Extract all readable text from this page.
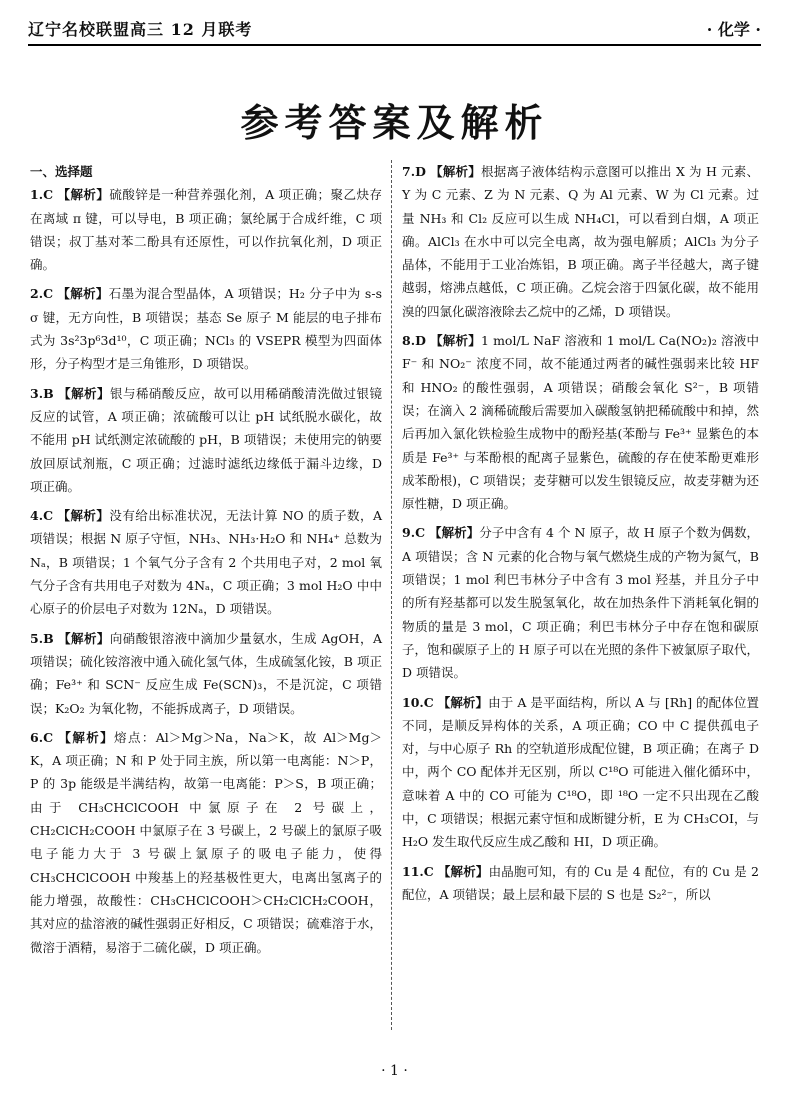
辽宁名校联盟高三 12 月联考	· 化学 ·
参考答案及解析
一、选择题
1.C 【解析】硫酸锌是一种营养强化剂，A 项正确；聚乙炔存在离域 π 键，可以导电，B 项正确；氯纶属于合成纤维，C 项错误；叔丁基对苯二酚具有还原性，可以作抗氧化剂，D 项正确。
2.C 【解析】石墨为混合型晶体，A 项错误；H₂ 分子中为 s-s σ 键，无方向性，B 项错误；基态 Se 原子 M 能层的电子排布式为 3s²3p⁶3d¹⁰，C 项正确；NCl₃ 的 VSEPR 模型为四面体形，分子构型才是三角锥形，D 项错误。
3.B 【解析】银与稀硝酸反应，故可以用稀硝酸清洗做过银镜反应的试管，A 项正确；浓硫酸可以让 pH 试纸脱水碳化，故不能用 pH 试纸测定浓硫酸的 pH，B 项错误；未使用完的钠要放回原试剂瓶，C 项正确；过滤时滤纸边缘低于漏斗边缘，D 项正确。
4.C 【解析】没有给出标准状况，无法计算 NO 的质子数，A 项错误；根据 N 原子守恒，NH₃、NH₃·H₂O 和 NH₄⁺ 总数为 Nₐ，B 项错误；1 个氧气分子含有 2 个共用电子对，2 mol 氧气分子含有共用电子对数为 4Nₐ，C 项正确；3 mol H₂O 中中心原子的价层电子对数为 12Nₐ，D 项错误。
5.B 【解析】向硝酸银溶液中滴加少量氨水，生成 AgOH，A 项错误；硫化铵溶液中通入硫化氢气体，生成硫氢化铵，B 项正确；Fe³⁺ 和 SCN⁻ 反应生成 Fe(SCN)₃，不是沉淀，C 项错误；K₂O₂ 为氧化物，不能拆成离子，D 项错误。
6.C 【解析】熔点：Al＞Mg＞Na，Na＞K，故 Al＞Mg＞K，A 项正确；N 和 P 处于同主族，所以第一电离能：N＞P，P 的 3p 能级是半满结构，故第一电离能：P＞S，B 项正确；由于 CH₃CHClCOOH 中氯原子在 2 号碳上，CH₂ClCH₂COOH 中氯原子在 3 号碳上，2 号碳上的氯原子吸电子能力大于 3 号碳上氯原子的吸电子能力，使得 CH₃CHClCOOH 中羧基上的羟基极性更大，电离出氢离子的能力增强，故酸性：CH₃CHClCOOH＞CH₂ClCH₂COOH，其对应的盐溶液的碱性强弱正好相反，C 项错误；硫难溶于水，微溶于酒精，易溶于二硫化碳，D 项正确。
7.D 【解析】根据离子液体结构示意图可以推出 X 为 H 元素、Y 为 C 元素、Z 为 N 元素、Q 为 Al 元素、W 为 Cl 元素。过量 NH₃ 和 Cl₂ 反应可以生成 NH₄Cl，可以看到白烟，A 项正确。AlCl₃ 在水中可以完全电离，故为强电解质；AlCl₃ 为分子晶体，不能用于工业冶炼铝，B 项正确。离子半径越大，离子键越弱，熔沸点越低，C 项正确。乙烷会溶于四氯化碳，故不能用溴的四氯化碳溶液除去乙烷中的乙烯，D 项错误。
8.D 【解析】1 mol/L NaF 溶液和 1 mol/L Ca(NO₂)₂ 溶液中 F⁻ 和 NO₂⁻ 浓度不同，故不能通过两者的碱性强弱来比较 HF 和 HNO₂ 的酸性强弱，A 项错误；硝酸会氧化 S²⁻，B 项错误；在滴入 2 滴稀硫酸后需要加入碳酸氢钠把稀硫酸中和掉，然后再加入氯化铁检验生成物中的酚羟基(苯酚与 Fe³⁺ 显紫色的本质是 Fe³⁺ 与苯酚根的配离子显紫色，硫酸的存在使苯酚更难形成苯酚根)，C 项错误；麦芽糖可以发生银镜反应，故麦芽糖为还原性糖，D 项正确。
9.C 【解析】分子中含有 4 个 N 原子，故 H 原子个数为偶数，A 项错误；含 N 元素的化合物与氧气燃烧生成的产物为氮气，B 项错误；1 mol 利巴韦林分子中含有 3 mol 羟基，并且分子中的所有羟基都可以发生脱氢氧化，故在加热条件下消耗氧化铜的物质的量是 3 mol，C 项正确；利巴韦林分子中存在饱和碳原子，饱和碳原子上的 H 原子可以在光照的条件下被氯原子取代，D 项错误。
10.C 【解析】由于 A 是平面结构，所以 A 与 [Rh] 的配体位置不同，是顺反异构体的关系，A 项正确；CO 中 C 提供孤电子对，与中心原子 Rh 的空轨道形成配位键，B 项正确；在离子 D 中，两个 CO 配体并无区别，所以 C¹⁸O 可能进入催化循环中，意味着 A 中的 CO 可能为 C¹⁸O，即 ¹⁸O 一定不只出现在乙酸中，C 项错误；根据元素守恒和成断键分析，E 为 CH₃COI，与 H₂O 发生取代反应生成乙酸和 HI，D 项正确。
11.C 【解析】由晶胞可知，有的 Cu 是 4 配位，有的 Cu 是 2 配位，A 项错误；最上层和最下层的 S 也是 S₂²⁻，所以
· 1 ·
